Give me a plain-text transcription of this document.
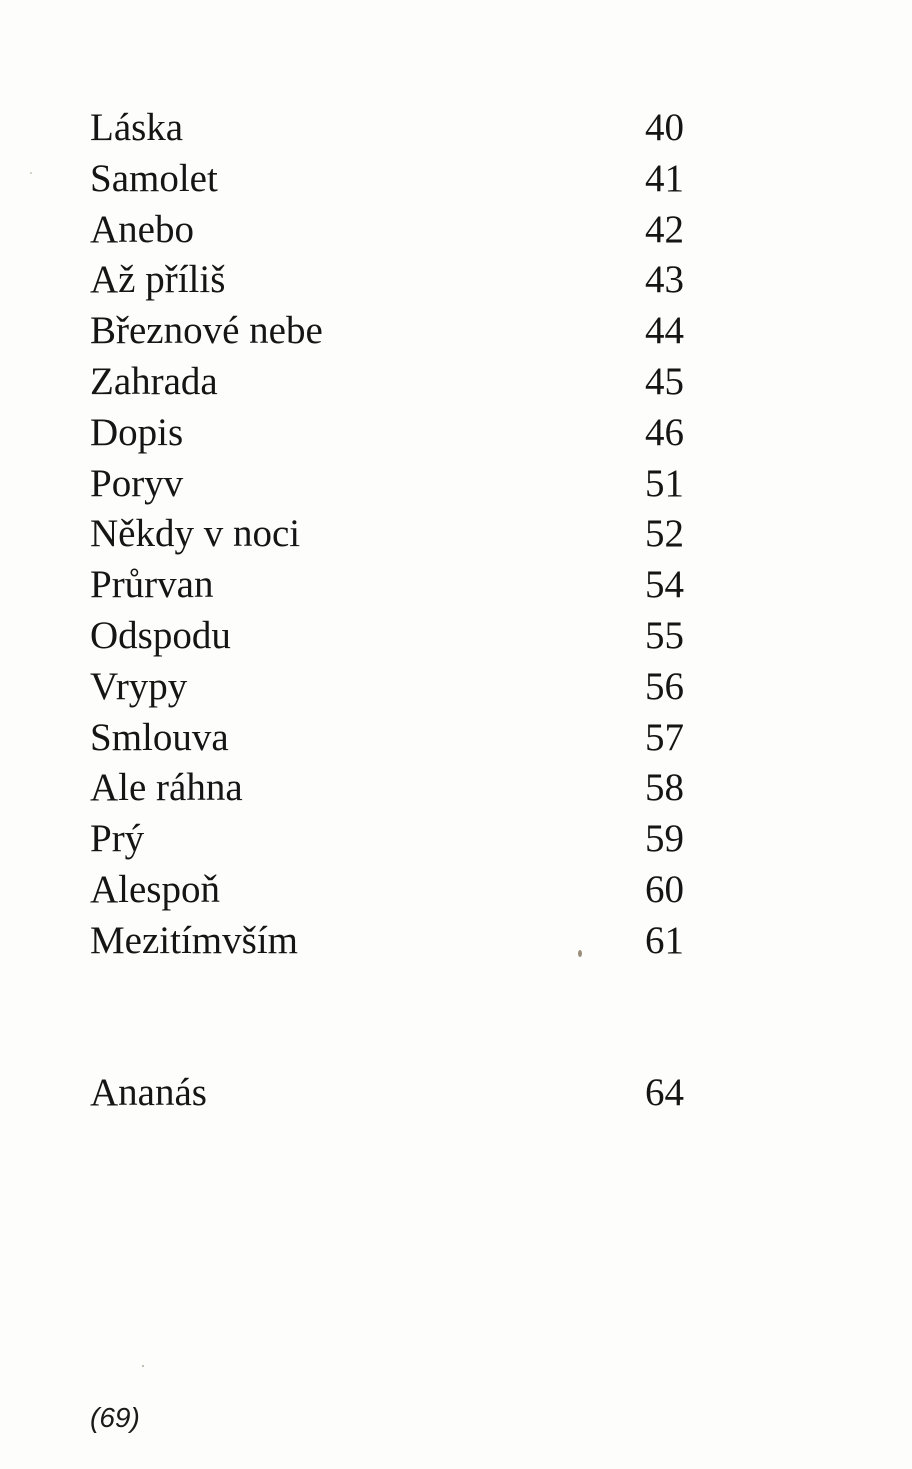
Láska	40
Samolet	41
Anebo	42
Až příliš	43
Březnové nebe	44
Zahrada	45
Dopis	46
Poryv	51
Někdy v noci	52
Průrvan	54
Odspodu	55
Vrypy	56
Smlouva	57
Ale ráhna	58
Prý	59
Alespoň	60
Mezitímvším	61
Ananás	64
(69)
